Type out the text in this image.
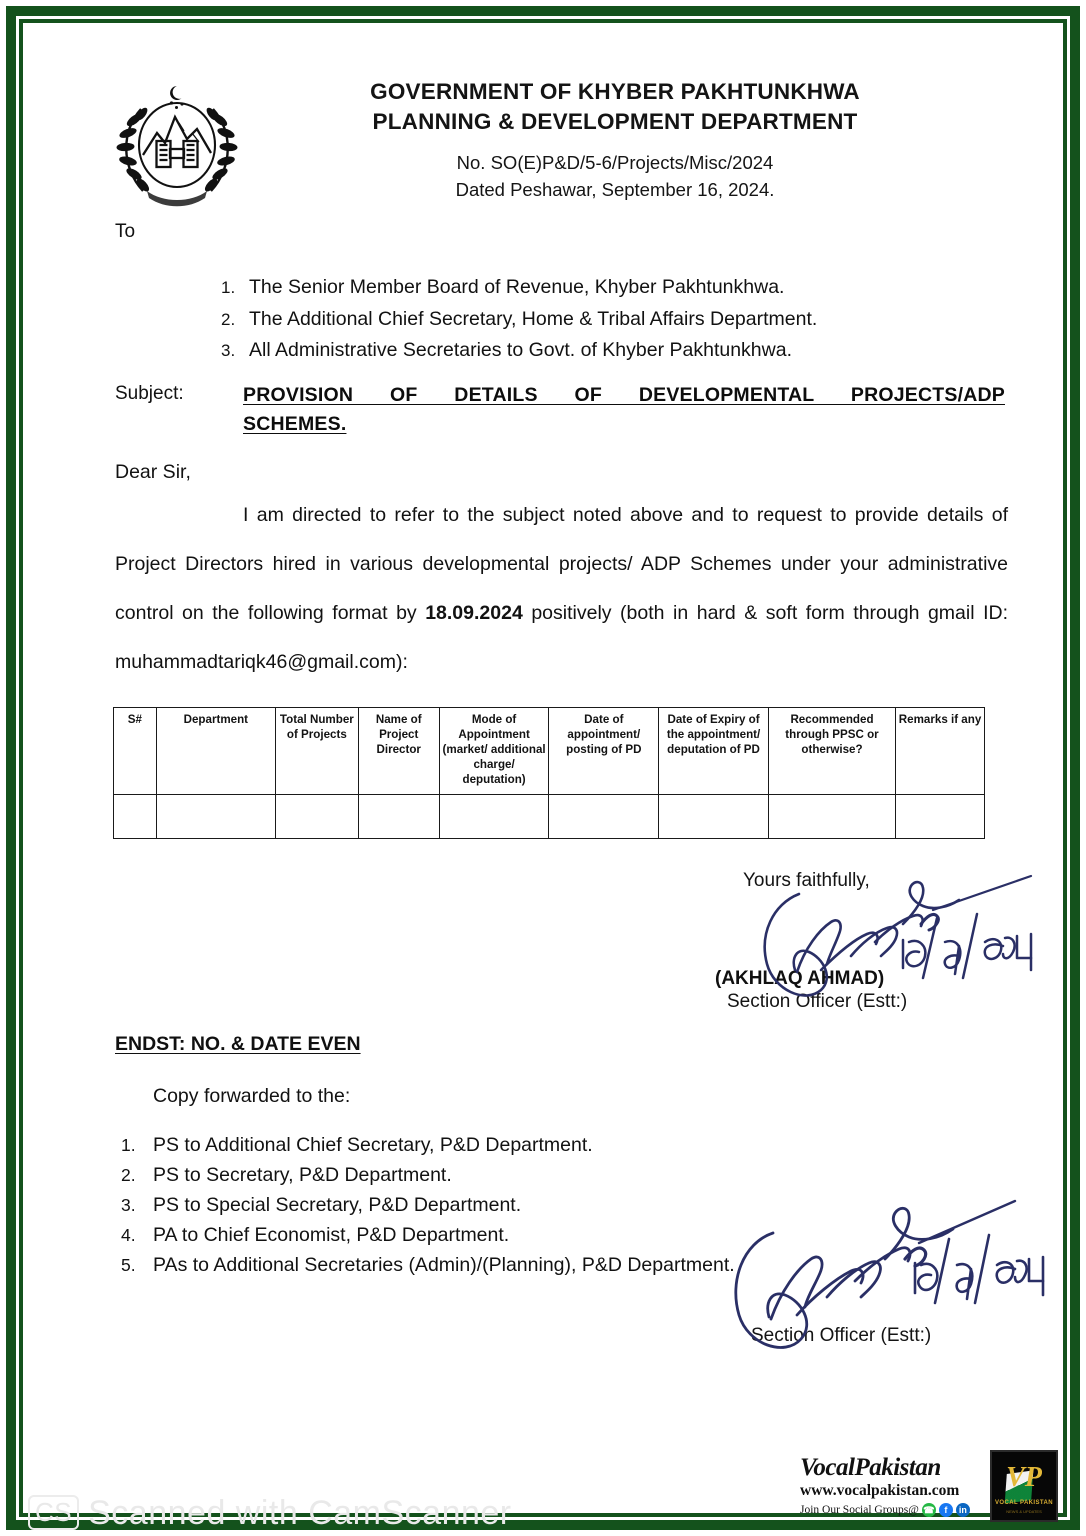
GOVERNMENT OF KHYBER PAKHTUNKHWA
PLANNING & DEVELOPMENT DEPARTMENT
No. SO(E)P&D/5-6/Projects/Misc/2024
Dated Peshawar, September 16, 2024.
To
1. The Senior Member Board of Revenue, Khyber Pakhtunkhwa.
2. The Additional Chief Secretary, Home & Tribal Affairs Department.
3. All Administrative Secretaries to Govt. of Khyber Pakhtunkhwa.
Subject:	PROVISION OF DETAILS OF DEVELOPMENTAL PROJECTS/ADP
SCHEMES.
Dear Sir,
I am directed to refer to the subject noted above and to request to provide details of Project Directors hired in various developmental projects/ ADP Schemes under your administrative control on the following format by 18.09.2024 positively (both in hard & soft form through gmail ID: muhammadtariqk46@gmail.com):
S#	Department	Total Number of Projects	Name of Project Director	Mode of Appointment (market/ additional charge/ deputation)	Date of appointment/ posting of PD	Date of Expiry of the appointment/ deputation of PD	Recommended through PPSC or otherwise?	Remarks if any

Yours faithfully,
(AKHLAQ AHMAD)
Section Officer (Estt:)
ENDST: NO. & DATE EVEN
Copy forwarded to the:
1. PS to Additional Chief Secretary, P&D Department.
2. PS to Secretary, P&D Department.
3. PS to Special Secretary, P&D Department.
4. PA to Chief Economist, P&D Department.
5. PAs to Additional Secretaries (Admin)/(Planning), P&D Department.
Section Officer (Estt:)
CS Scanned with CamScanner
VocalPakistan
www.vocalpakistan.com
Join Our Social Groups@ ☎	f	in
VP
VOCAL PAKISTAN
NEWS & UPDATES
